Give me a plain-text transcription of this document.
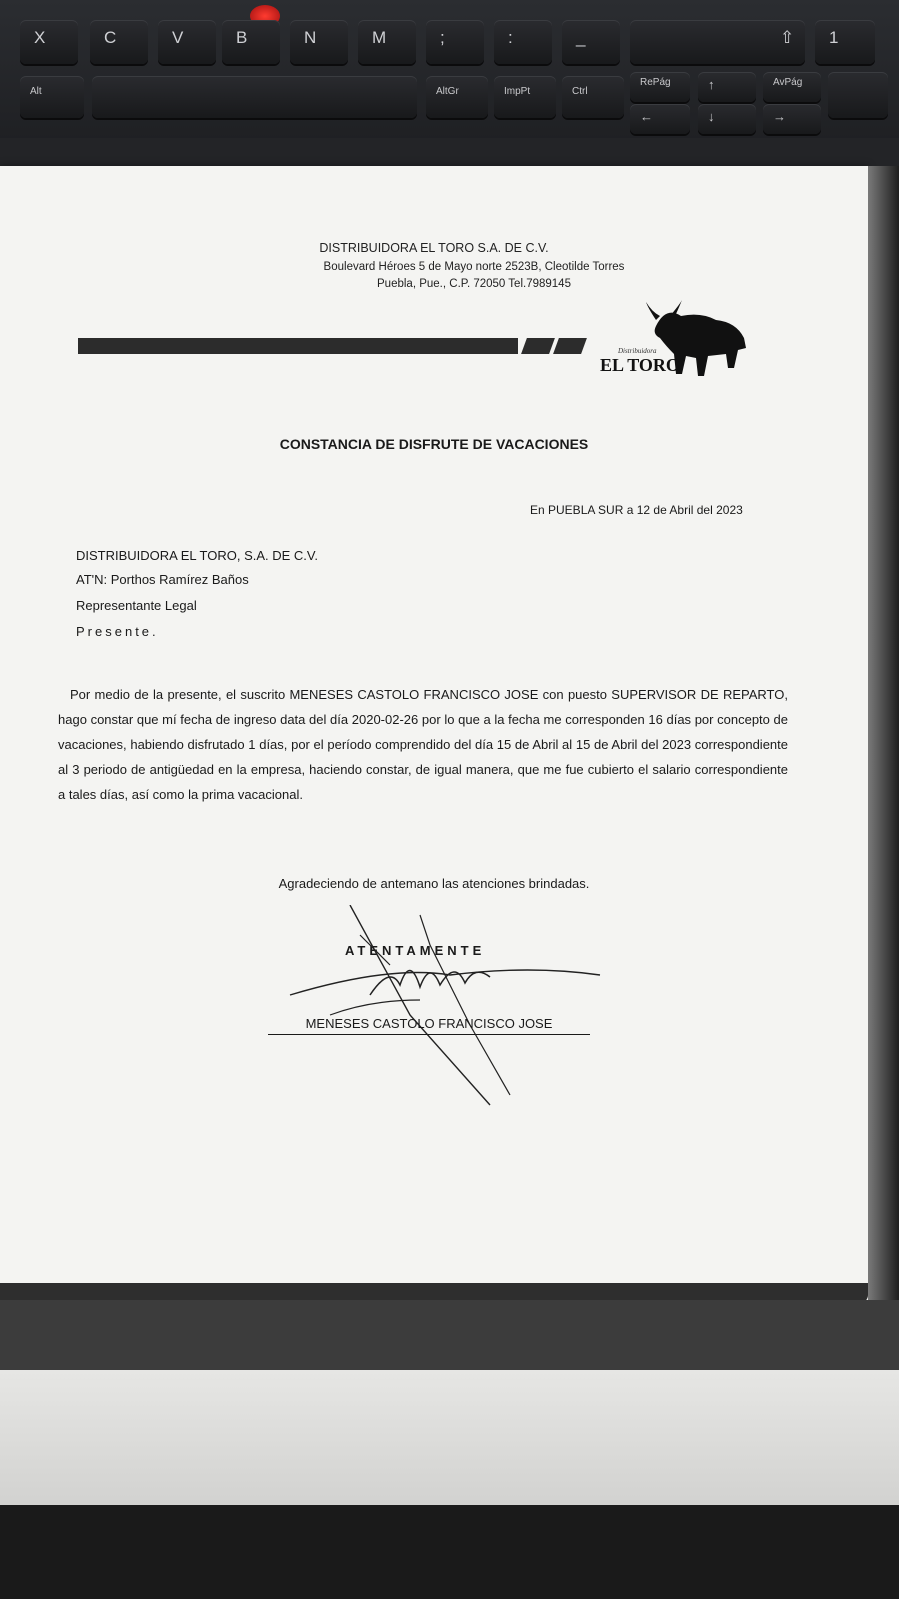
X	C	V	B	N	M	;	:	_	⇧ 1
Alt	AltGr	ImpPt	Ctrl
RePág	↑	AvPág
←	↓	→
DISTRIBUIDORA EL TORO S.A. DE C.V.
Boulevard Héroes 5 de Mayo norte 2523B, Cleotilde Torres
Puebla, Pue., C.P. 72050 Tel.7989145
Distribuidora
EL TORO
CONSTANCIA DE DISFRUTE DE VACACIONES
En PUEBLA SUR a 12 de Abril del 2023
DISTRIBUIDORA EL TORO, S.A. DE C.V.
AT'N: Porthos Ramírez Baños
Representante Legal
Presente.
Por medio de la presente, el suscrito MENESES CASTOLO FRANCISCO JOSE con puesto SUPERVISOR DE REPARTO, hago constar que mí fecha de ingreso data del día 2020-02-26 por lo que a la fecha me corresponden 16 días por concepto de vacaciones, habiendo disfrutado 1 días, por el período comprendido del día 15 de Abril al 15 de Abril del 2023 correspondiente al 3 periodo de antigüedad en la empresa, haciendo constar, de igual manera, que me fue cubierto el salario correspondiente a tales días, así como la prima vacacional.
Agradeciendo de antemano las atenciones brindadas.
ATENTAMENTE
MENESES CASTOLO FRANCISCO JOSE
